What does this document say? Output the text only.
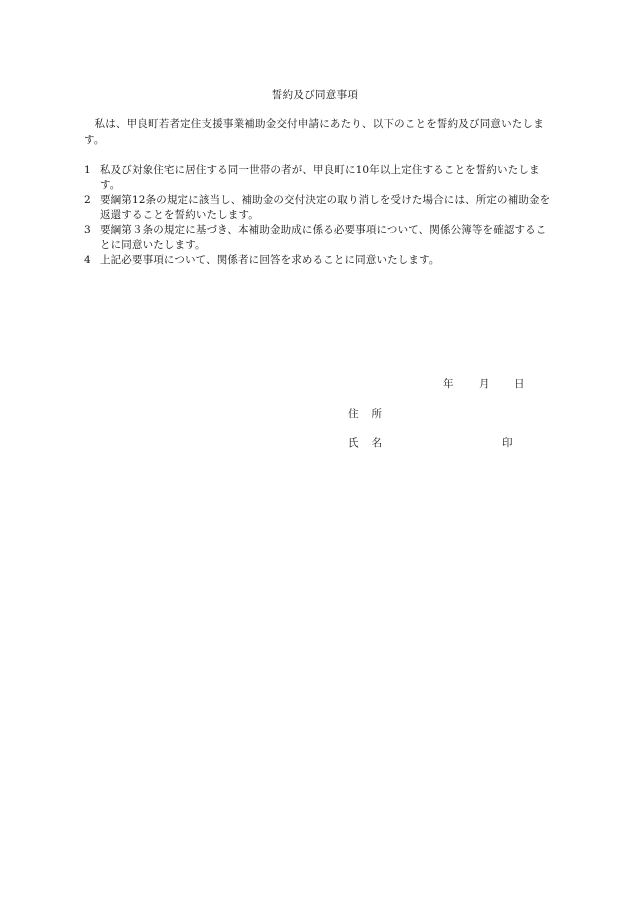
誓約及び同意事項
私は、甲良町若者定住支援事業補助金交付申請にあたり、以下のことを誓約及び同意いたします。
1 私及び対象住宅に居住する同一世帯の者が、甲良町に10年以上定住することを誓約いたします。
2 要綱第12条の規定に該当し、補助金の交付決定の取り消しを受けた場合には、所定の補助金を返還することを誓約いたします。
3 要綱第３条の規定に基づき、本補助金助成に係る必要事項について、関係公簿等を確認することに同意いたします。
4 上記必要事項について、関係者に回答を求めることに同意いたします。
年 月 日
住所
氏名	印
